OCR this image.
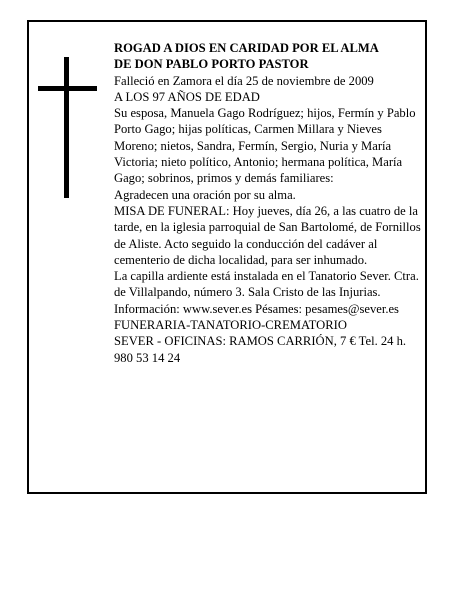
ROGAD A DIOS EN CARIDAD POR EL ALMA

DE DON PABLO PORTO PASTOR

Falleció en Zamora el día 25 de noviembre de 2009

A LOS 97 AÑOS DE EDAD

Su esposa, Manuela Gago Rodríguez; hijos, Fermín y Pablo Porto Gago; hijas políticas, Carmen Millara y Nieves Moreno; nietos, Sandra, Fermín, Sergio, Nuria y María Victoria; nieto político, Antonio; hermana política, María Gago; sobrinos, primos y demás familiares:

Agradecen una oración por su alma.

MISA DE FUNERAL: Hoy jueves, día 26, a las cuatro de la tarde, en la iglesia parroquial de San Bartolomé, de Fornillos de Aliste. Acto seguido la conducción del cadáver al cementerio de dicha localidad, para ser inhumado.

La capilla ardiente está instalada en el Tanatorio Sever. Ctra. de Villalpando, número 3. Sala Cristo de las Injurias.

Información: www.sever.es Pésames: pesames@sever.es

FUNERARIA-TANATORIO-CREMATORIO

SEVER - OFICINAS: RAMOS CARRIÓN, 7 € Tel. 24 h. 980 53 14 24
